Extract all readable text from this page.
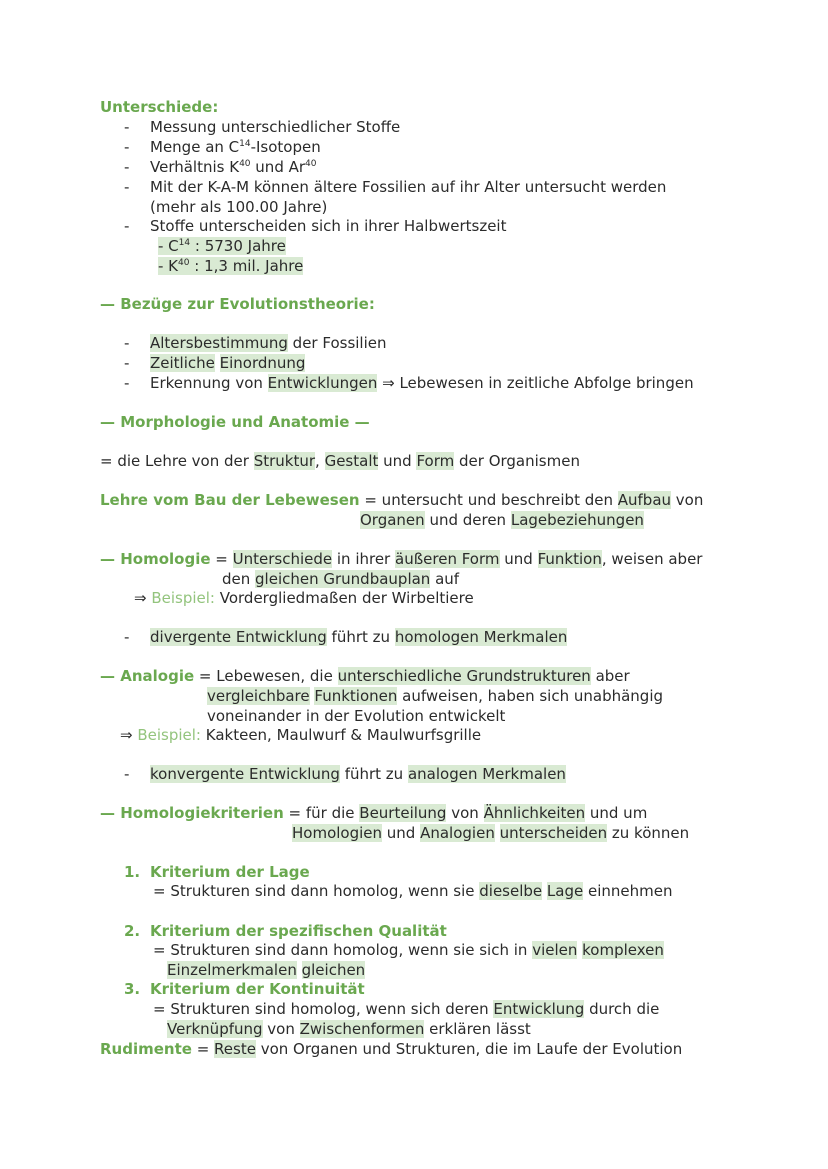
Unterschiede:
- Messung unterschiedlicher Stoffe
- Menge an $C^{14}$-Isotopen
- Verhältnis $K^{40}$ und Ar$^{40}$
- Mit der K-A-M können ältere Fossilien auf ihr Alter untersucht werden
(mehr als 100.00 Jahre)
- Stoffe unterscheiden sich in ihrer Halbwertszeit
- $C^{14}$ : 5730 Jahre
- $K^{40}$ : 1,3 mil. Jahre
— Bezüge zur Evolutionstheorie:
- Altersbestimmung der Fossilien
- Zeitliche Einordnung
- Erkennung von Entwicklungen ⇒ Lebewesen in zeitliche Abfolge bringen
— Morphologie und Anatomie —
= die Lehre von der Struktur, Gestalt und Form der Organismen
Lehre vom Bau der Lebewesen = untersucht und beschreibt den Aufbau von
Organen und deren Lagebeziehungen
— Homologie = Unterschiede in ihrer äußeren Form und Funktion, weisen aber
den gleichen Grundbauplan auf
⇒ Beispiel: Vordergliedmaßen der Wirbeltiere
- divergente Entwicklung führt zu homologen Merkmalen
— Analogie = Lebewesen, die unterschiedliche Grundstrukturen aber
vergleichbare Funktionen aufweisen, haben sich unabhängig
voneinander in der Evolution entwickelt
⇒ Beispiel: Kakteen, Maulwurf & Maulwurfsgrille
- konvergente Entwicklung führt zu analogen Merkmalen
— Homologiekriterien = für die Beurteilung von Ähnlichkeiten und um
Homologien und Analogien unterscheiden zu können
1. Kriterium der Lage
= Strukturen sind dann homolog, wenn sie dieselbe Lage einnehmen
2. Kriterium der spezifischen Qualität
= Strukturen sind dann homolog, wenn sie sich in vielen komplexen
Einzelmerkmalen gleichen
3. Kriterium der Kontinuität
= Strukturen sind homolog, wenn sich deren Entwicklung durch die
Verknüpfung von Zwischenformen erklären lässt
Rudimente = Reste von Organen und Strukturen, die im Laufe der Evolution
